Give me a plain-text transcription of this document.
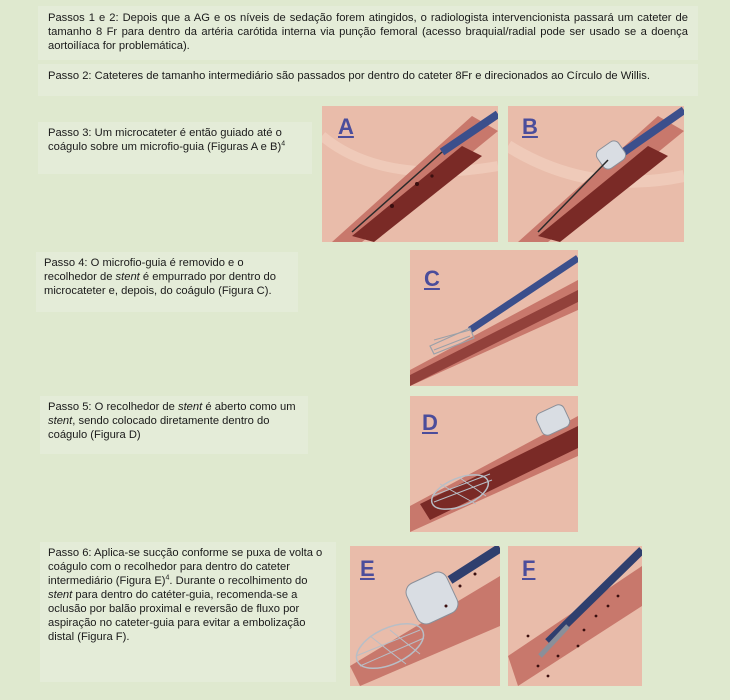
Passos 1 e 2: Depois que a AG e os níveis de sedação forem atingidos, o radiologista intervencionista passará um cateter de tamanho 8 Fr para dentro da artéria carótida interna via punção femoral (acesso braquial/radial pode ser usado se a doença aortoilíaca for problemática).
Passo 2: Cateteres de tamanho intermediário são passados por dentro do cateter 8Fr e direcionados ao Círculo de Willis.
Passo 3: Um microcateter é então guiado até o coágulo sobre um microfio-guia (Figuras A e B)$^4$
Passo 4: O microfio-guia é removido e o recolhedor de stent é empurrado por dentro do microcateter e, depois, do coágulo (Figura C).
Passo 5: O recolhedor de stent é aberto como um stent, sendo colocado diretamente dentro do coágulo (Figura D)
Passo 6: Aplica-se sucção conforme se puxa de volta o coágulo com o recolhedor para dentro do cateter intermediário (Figura E)$^4$. Durante o recolhimento do stent para dentro do catéter-guia, recomenda-se a oclusão por balão proximal e reversão de fluxo por aspiração no cateter-guia para evitar a embolização distal (Figura F).
A	B
C
D
E	F
